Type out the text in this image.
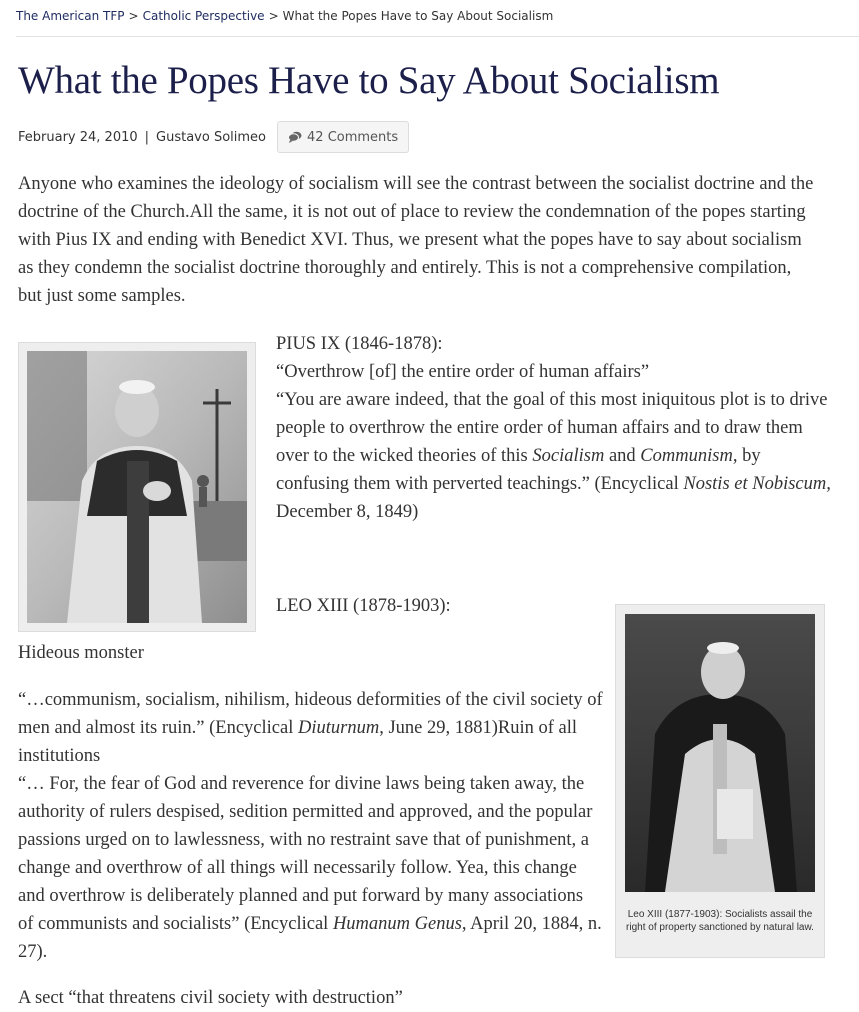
The American TFP > Catholic Perspective > What the Popes Have to Say About Socialism
What the Popes Have to Say About Socialism
February 24, 2010 | Gustavo Solimeo	42 Comments

Anyone who examines the ideology of socialism will see the contrast between the socialist doctrine and the doctrine of the Church.All the same, it is not out of place to review the condemnation of the popes starting with Pius IX and ending with Benedict XVI. Thus, we present what the popes have to say about socialism as they condemn the socialist doctrine thoroughly and entirely. This is not a comprehensive compilation, but just some samples.

PIUS IX (1846-1878):
“Overthrow [of] the entire order of human affairs”
“You are aware indeed, that the goal of this most iniquitous plot is to drive people to overthrow the entire order of human affairs and to draw them over to the wicked theories of this Socialism and Communism, by confusing them with perverted teachings.” (Encyclical Nostis et Nobiscum, December 8, 1849)

LEO XIII (1878-1903):

Leo XIII (1877-1903): Socialists assail the right of property sanctioned by natural law.

Hideous monster

“…communism, socialism, nihilism, hideous deformities of the civil society of men and almost its ruin.” (Encyclical Diuturnum, June 29, 1881)Ruin of all institutions
“… For, the fear of God and reverence for divine laws being taken away, the authority of rulers despised, sedition permitted and approved, and the popular passions urged on to lawlessness, with no restraint save that of punishment, a change and overthrow of all things will necessarily follow. Yea, this change and overthrow is deliberately planned and put forward by many associations of communists and socialists” (Encyclical Humanum Genus, April 20, 1884, n. 27).

A sect “that threatens civil society with destruction”
